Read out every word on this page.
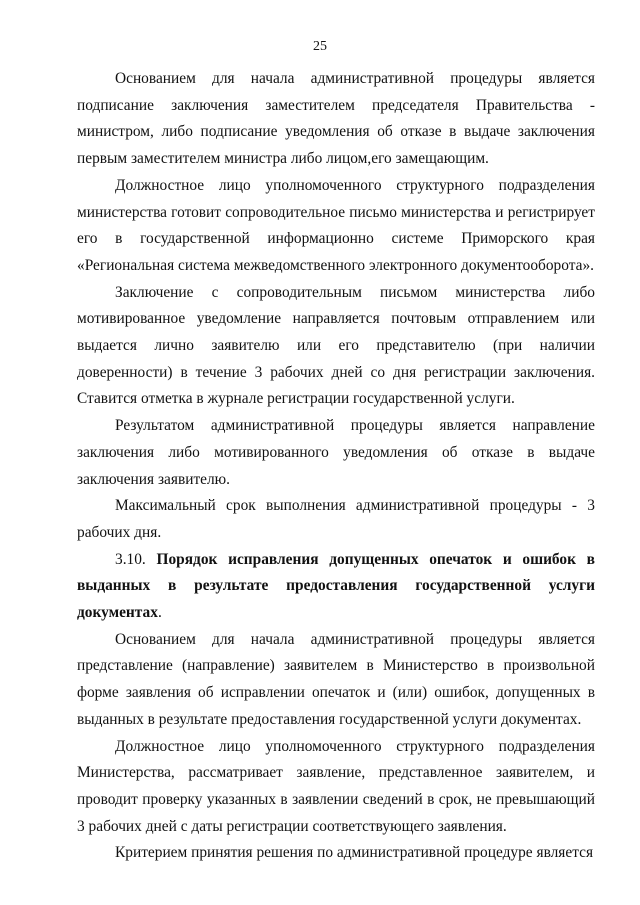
25

Основанием для начала административной процедуры является подписание заключения заместителем председателя Правительства - министром, либо подписание уведомления об отказе в выдаче заключения первым заместителем министра либо лицом,его замещающим.

Должностное лицо уполномоченного структурного подразделения министерства готовит сопроводительное письмо министерства и регистрирует его в государственной информационно системе Приморского края «Региональная система межведомственного электронного документооборота».

Заключение с сопроводительным письмом министерства либо мотивированное уведомление направляется почтовым отправлением или выдается лично заявителю или его представителю (при наличии доверенности) в течение 3 рабочих дней со дня регистрации заключения. Ставится отметка в журнале регистрации государственной услуги.

Результатом административной процедуры является направление заключения либо мотивированного уведомления об отказе в выдаче заключения заявителю.

Максимальный срок выполнения административной процедуры - 3 рабочих дня.

3.10. Порядок исправления допущенных опечаток и ошибок в выданных в результате предоставления государственной услуги документах.

Основанием для начала административной процедуры является представление (направление) заявителем в Министерство в произвольной форме заявления об исправлении опечаток и (или) ошибок, допущенных в выданных в результате предоставления государственной услуги документах.

Должностное лицо уполномоченного структурного подразделения Министерства, рассматривает заявление, представленное заявителем, и проводит проверку указанных в заявлении сведений в срок, не превышающий 3 рабочих дней с даты регистрации соответствующего заявления.

Критерием принятия решения по административной процедуре является
